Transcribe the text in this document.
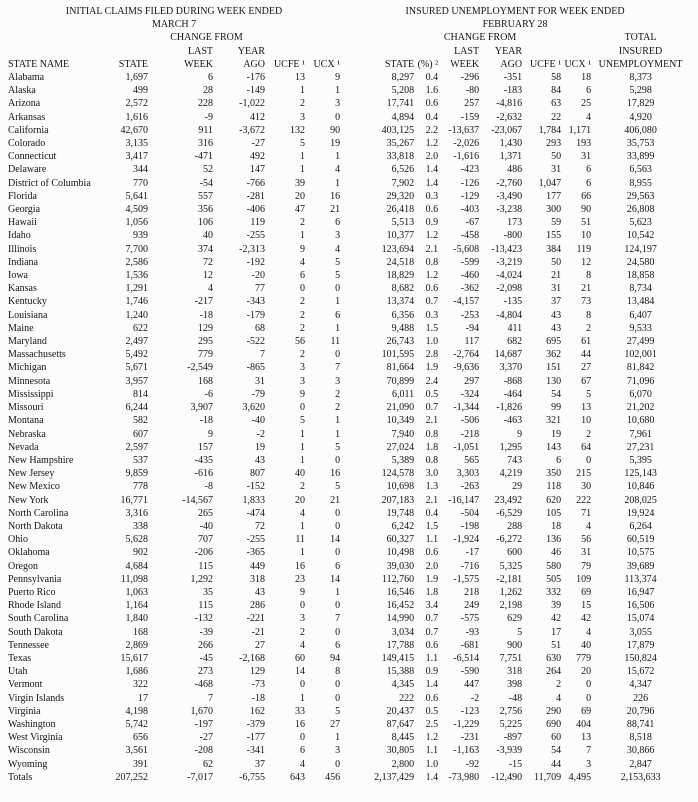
INITIAL CLAIMS FILED DURING WEEK ENDED						INSURED UNEMPLOYMENT FOR WEEK ENDED						
MARCH 7						FEBRUARY 28						
		CHANGE FROM						CHANGE FROM				TOTAL
		LAST	YEAR					LAST	YEAR			INSURED
STATE NAME	STATE	WEEK	AGO	UCFE ¹	UCX ¹	STATE	(%) ²	WEEK	AGO	UCFE ¹	UCX ¹	UNEMPLOYMENT
Alabama	1,697	6	-176	13	9	8,297	0.4	-296	-351	58	18	8,373
Alaska	499	28	-149	1	1	5,208	1.6	-80	-183	84	6	5,298
Arizona	2,572	228	-1,022	2	3	17,741	0.6	257	-4,816	63	25	17,829
Arkansas	1,616	-9	412	3	0	4,894	0.4	-159	-2,632	22	4	4,920
California	42,670	911	-3,672	132	90	403,125	2.2	-13,637	-23,067	1,784	1,171	406,080
Colorado	3,135	316	-27	5	19	35,267	1.2	-2,026	1,430	293	193	35,753
Connecticut	3,417	-471	492	1	1	33,818	2.0	-1,616	1,371	50	31	33,899
Delaware	344	52	147	1	4	6,526	1.4	-423	486	31	6	6,563
District of Columbia	770	-54	-766	39	1	7,902	1.4	-126	-2,760	1,047	6	8,955
Florida	5,641	557	-281	20	16	29,320	0.3	-129	-3,490	177	66	29,563
Georgia	4,509	356	-406	47	21	26,418	0.6	-403	-3,238	300	90	26,808
Hawaii	1,056	106	119	2	6	5,513	0.9	-67	173	59	51	5,623
Idaho	939	40	-255	1	3	10,377	1.2	-458	-800	155	10	10,542
Illinois	7,700	374	-2,313	9	4	123,694	2.1	-5,608	-13,423	384	119	124,197
Indiana	2,586	72	-192	4	5	24,518	0.8	-599	-3,219	50	12	24,580
Iowa	1,536	12	-20	6	5	18,829	1.2	-460	-4,024	21	8	18,858
Kansas	1,291	4	77	0	0	8,682	0.6	-362	-2,098	31	21	8,734
Kentucky	1,746	-217	-343	2	1	13,374	0.7	-4,157	-135	37	73	13,484
Louisiana	1,240	-18	-179	2	6	6,356	0.3	-253	-4,804	43	8	6,407
Maine	622	129	68	2	1	9,488	1.5	-94	411	43	2	9,533
Maryland	2,497	295	-522	56	11	26,743	1.0	117	682	695	61	27,499
Massachusetts	5,492	779	7	2	0	101,595	2.8	-2,764	14,687	362	44	102,001
Michigan	5,671	-2,549	-865	3	7	81,664	1.9	-9,636	3,370	151	27	81,842
Minnesota	3,957	168	31	3	3	70,899	2.4	297	-868	130	67	71,096
Mississippi	814	-6	-79	9	2	6,011	0.5	-324	-464	54	5	6,070
Missouri	6,244	3,907	3,620	0	2	21,090	0.7	-1,344	-1,826	99	13	21,202
Montana	582	-18	-40	5	1	10,349	2.1	-506	-463	321	10	10,680
Nebraska	607	9	-2	1	1	7,940	0.8	-218	9	19	2	7,961
Nevada	2,597	157	19	1	5	27,024	1.8	-1,051	1,295	143	64	27,231
New Hampshire	537	-435	43	1	0	5,389	0.8	565	743	6	0	5,395
New Jersey	9,859	-616	807	40	16	124,578	3.0	3,303	4,219	350	215	125,143
New Mexico	778	-8	-152	2	5	10,698	1.3	-263	29	118	30	10,846
New York	16,771	-14,567	1,833	20	21	207,183	2.1	-16,147	23,492	620	222	208,025
North Carolina	3,316	265	-474	4	0	19,748	0.4	-504	-6,529	105	71	19,924
North Dakota	338	-40	72	1	0	6,242	1.5	-198	288	18	4	6,264
Ohio	5,628	707	-255	11	14	60,327	1.1	-1,924	-6,272	136	56	60,519
Oklahoma	902	-206	-365	1	0	10,498	0.6	-17	600	46	31	10,575
Oregon	4,684	115	449	16	6	39,030	2.0	-716	5,325	580	79	39,689
Pennsylvania	11,098	1,292	318	23	14	112,760	1.9	-1,575	-2,181	505	109	113,374
Puerto Rico	1,063	35	43	9	1	16,546	1.8	218	1,262	332	69	16,947
Rhode Island	1,164	115	286	0	0	16,452	3.4	249	2,198	39	15	16,506
South Carolina	1,840	-132	-221	3	7	14,990	0.7	-575	629	42	42	15,074
South Dakota	168	-39	-21	2	0	3,034	0.7	-93	5	17	4	3,055
Tennessee	2,869	266	27	4	6	17,788	0.6	-681	900	51	40	17,879
Texas	15,617	-45	-2,168	60	94	149,415	1.1	-6,514	7,751	630	779	150,824
Utah	1,686	273	129	14	8	15,388	0.9	-590	318	264	20	15,672
Vermont	322	-468	-73	0	0	4,345	1.4	447	398	2	0	4,347
Virgin Islands	17	7	-18	1	0	222	0.6	-2	-48	4	0	226
Virginia	4,198	1,670	162	33	5	20,437	0.5	-123	2,756	290	69	20,796
Washington	5,742	-197	-379	16	27	87,647	2.5	-1,229	5,225	690	404	88,741
West Virginia	656	-27	-177	0	1	8,445	1.2	-231	-897	60	13	8,518
Wisconsin	3,561	-208	-341	6	3	30,805	1.1	-1,163	-3,939	54	7	30,866
Wyoming	391	62	37	4	0	2,800	1.0	-92	-15	44	3	2,847
Totals	207,252	-7,017	-6,755	643	456	2,137,429	1.4	-73,980	-12,490	11,709	4,495	2,153,633
